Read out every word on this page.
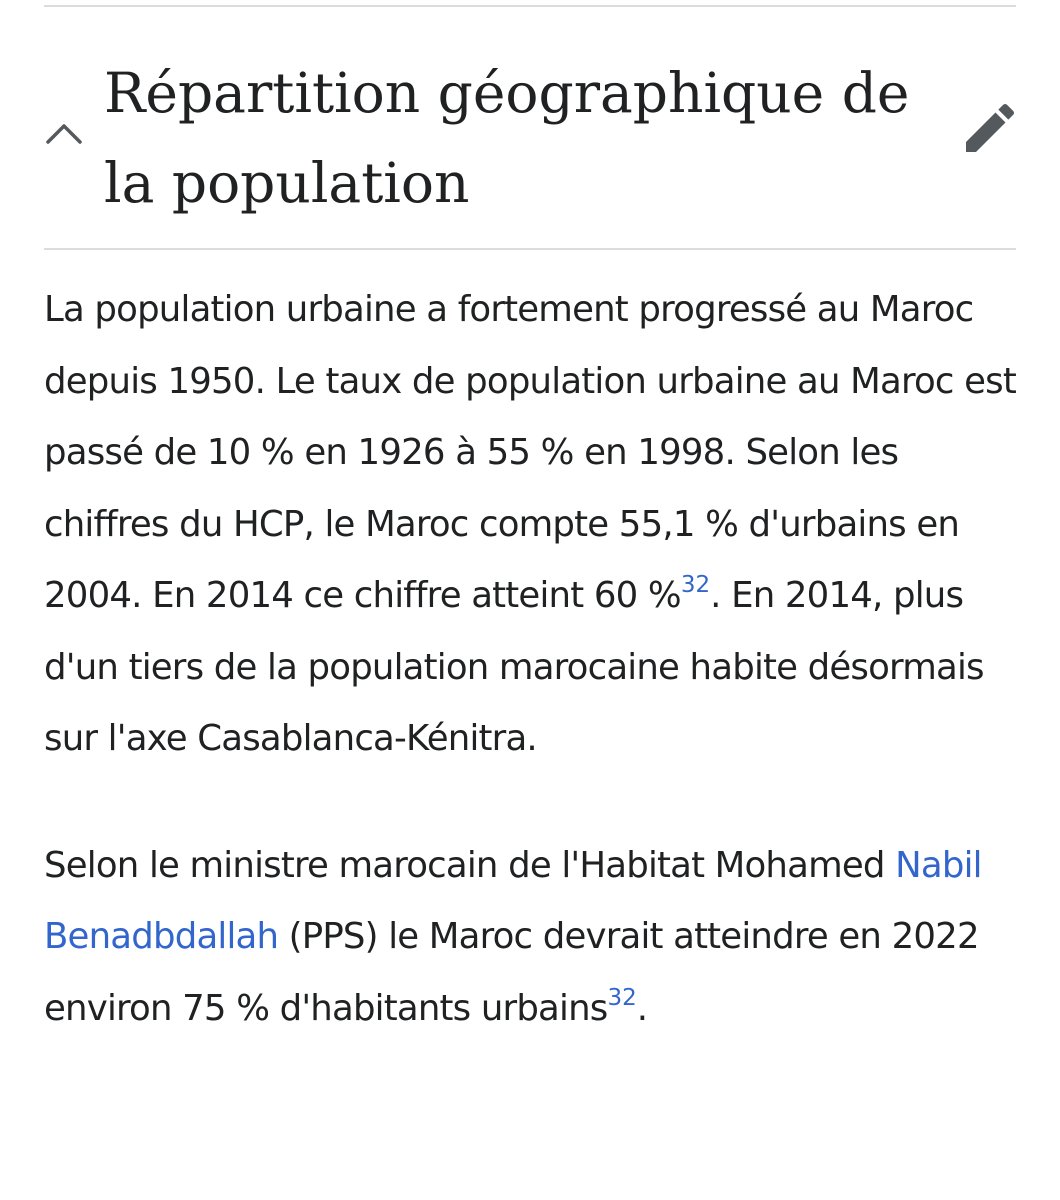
Répartition géographique de la population

La population urbaine a fortement progressé au Maroc depuis 1950. Le taux de population urbaine au Maroc est passé de 10 % en 1926 à 55 % en 1998. Selon les chiffres du HCP, le Maroc compte 55,1 % d'urbains en 2004. En 2014 ce chiffre atteint 60 %$^{32}$. En 2014, plus d'un tiers de la population marocaine habite désormais sur l'axe Casablanca-Kénitra.

Selon le ministre marocain de l'Habitat Mohamed Nabil Benadbdallah (PPS) le Maroc devrait atteindre en 2022 environ 75 % d'habitants urbains$^{32}$.
